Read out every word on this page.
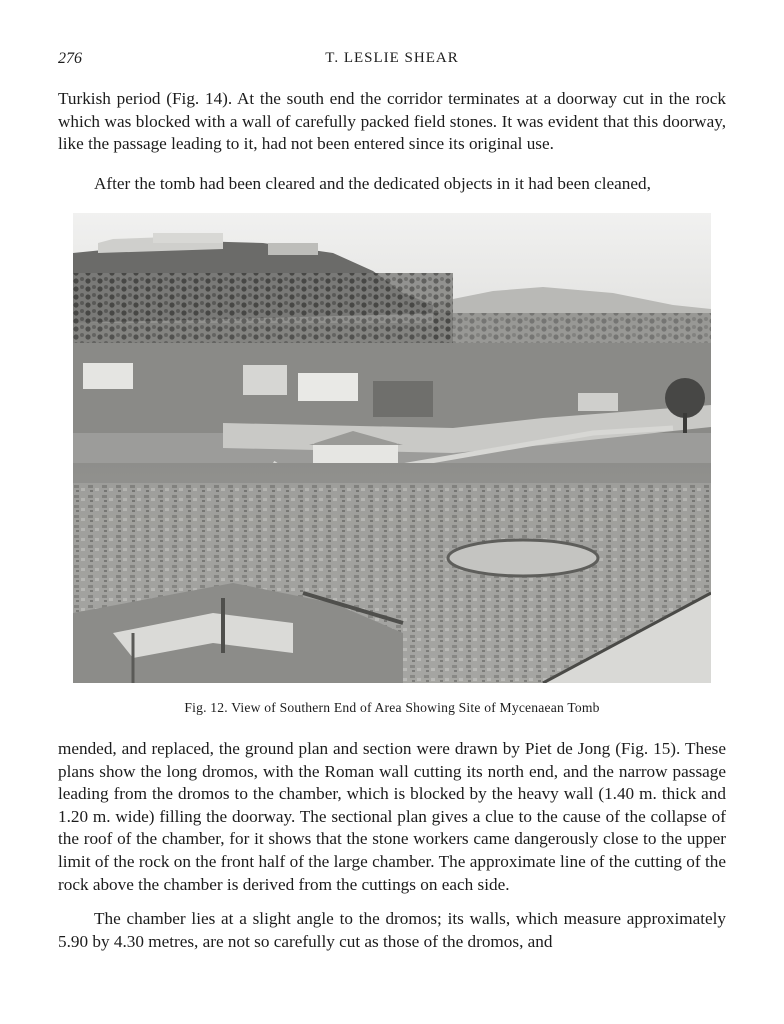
276	T. LESLIE SHEAR

Turkish period (Fig. 14). At the south end the corridor terminates at a doorway cut in the rock which was blocked with a wall of carefully packed field stones. It was evident that this doorway, like the passage leading to it, had not been entered since its original use.

After the tomb had been cleared and the dedicated objects in it had been cleaned,

Fig. 12. View of Southern End of Area Showing Site of Mycenaean Tomb

mended, and replaced, the ground plan and section were drawn by Piet de Jong (Fig. 15). These plans show the long dromos, with the Roman wall cutting its north end, and the narrow passage leading from the dromos to the chamber, which is blocked by the heavy wall (1.40 m. thick and 1.20 m. wide) filling the doorway. The sectional plan gives a clue to the cause of the collapse of the roof of the chamber, for it shows that the stone workers came dangerously close to the upper limit of the rock on the front half of the large chamber. The approximate line of the cutting of the rock above the chamber is derived from the cuttings on each side.

The chamber lies at a slight angle to the dromos; its walls, which measure approximately 5.90 by 4.30 metres, are not so carefully cut as those of the dromos, and
